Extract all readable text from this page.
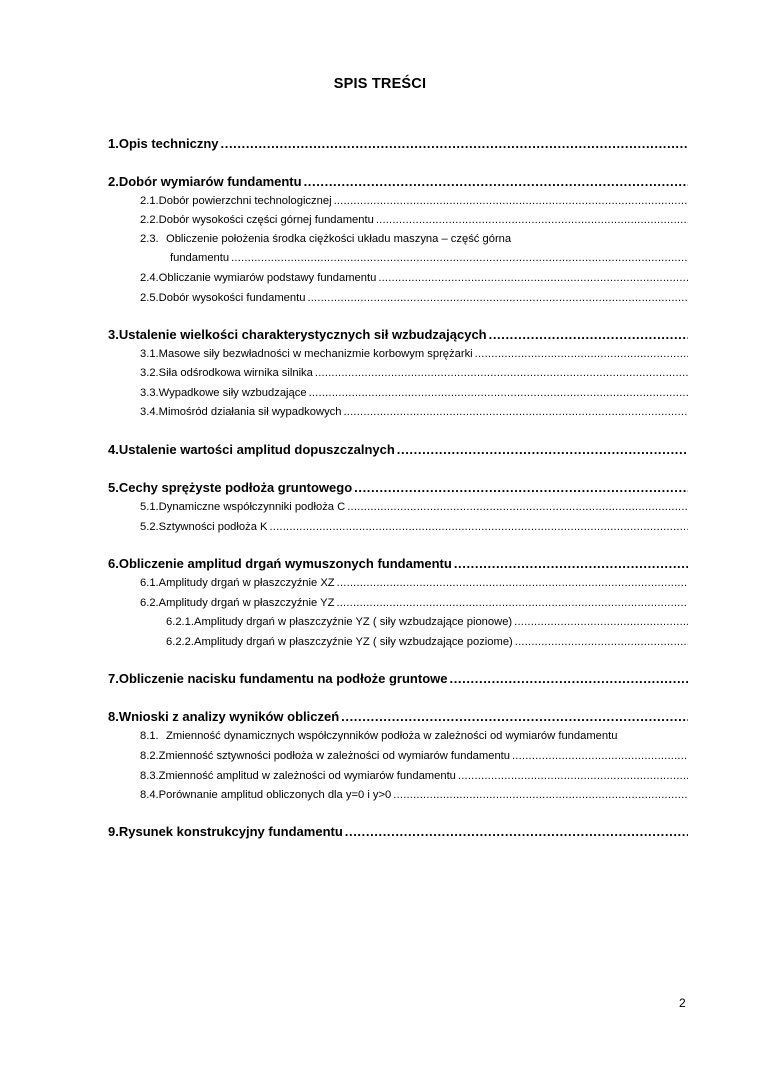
SPIS TREŚCI
1. Opis techniczny
.....
2. Dobór wymiarów fundamentu
.....
2.1. Dobór powierzchni technologicznej
.....
2.2. Dobór wysokości części górnej fundamentu
.....
2.3. Obliczenie położenia środka ciężkości układu maszyna – część górna
fundamentu
.....
2.4. Obliczanie wymiarów podstawy fundamentu
.....
2.5. Dobór wysokości fundamentu
.....
3. Ustalenie wielkości charakterystycznych sił wzbudzających
.....
3.1. Masowe siły bezwładności w mechanizmie korbowym sprężarki
.....
3.2. Siła odśrodkowa wirnika silnika
.....
3.3. Wypadkowe siły wzbudzające
.....
3.4. Mimośród działania sił wypadkowych
.....
4. Ustalenie wartości amplitud dopuszczalnych
.....
5. Cechy sprężyste podłoża gruntowego
.....
5.1. Dynamiczne współczynniki podłoża C
.....
5.2. Sztywności podłoża K
.....
6. Obliczenie amplitud drgań wymuszonych fundamentu
.....
6.1. Amplitudy drgań w płaszczyźnie XZ
.....
6.2. Amplitudy drgań w płaszczyźnie YZ
.....
6.2.1. Amplitudy drgań w płaszczyźnie YZ ( siły wzbudzające pionowe)
.....
6.2.2. Amplitudy drgań w płaszczyźnie YZ ( siły wzbudzające poziome)
.....
7. Obliczenie nacisku fundamentu na podłoże gruntowe
.....
8. Wnioski z analizy wyników obliczeń
.....
8.1. Zmienność dynamicznych współczynników podłoża w zależności od wymiarów fundamentu
8.2. Zmienność sztywności podłoża w zależności od wymiarów fundamentu
.....
8.3. Zmienność amplitud w zależności od wymiarów fundamentu
.....
8.4. Porównanie amplitud obliczonych dla y=0 i y>0
.....
9. Rysunek konstrukcyjny fundamentu
.....
2
